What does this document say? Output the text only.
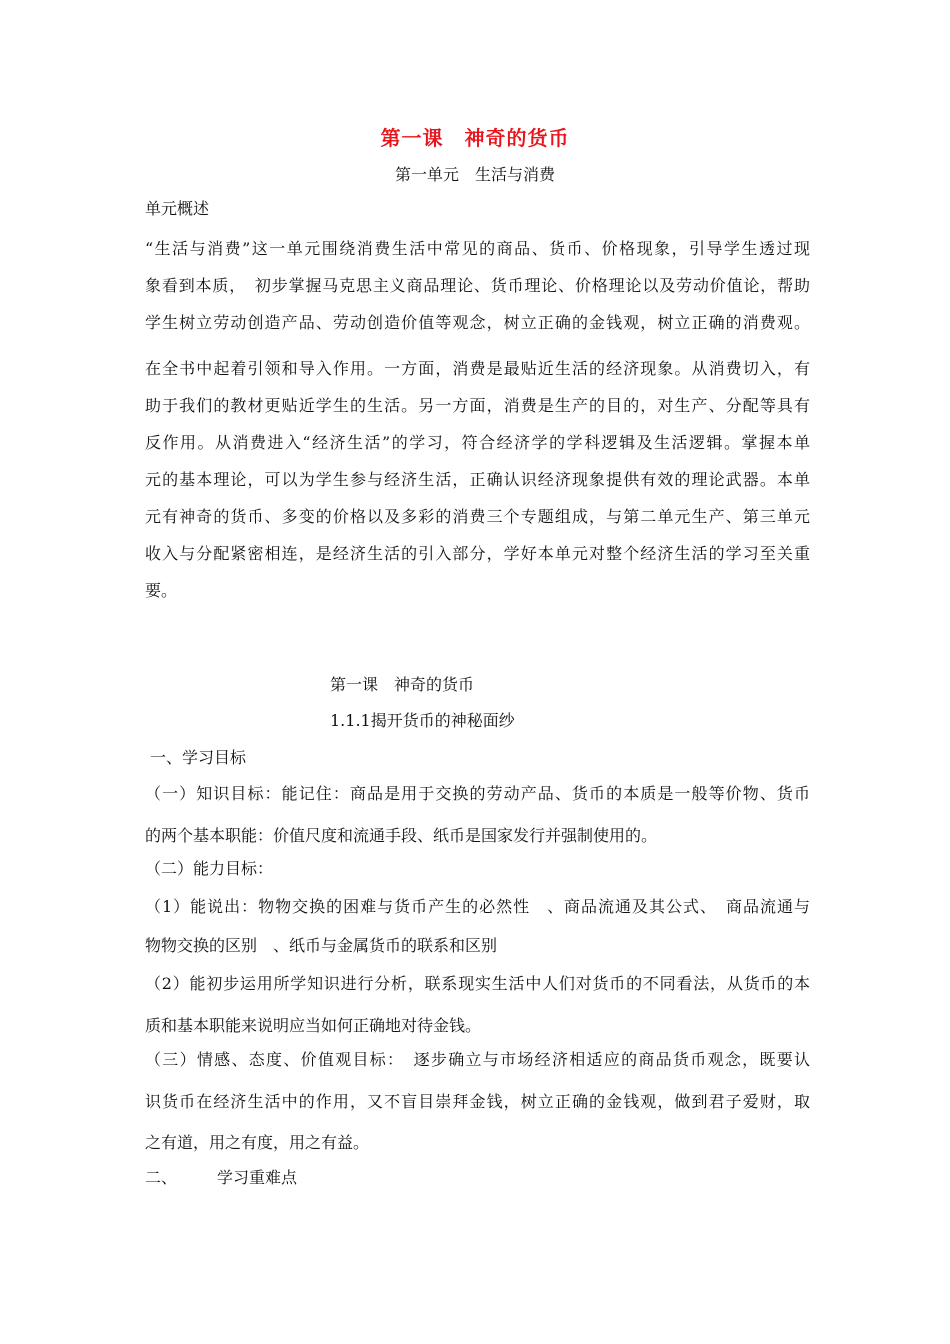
第一课　神奇的货币
第一单元　生活与消费
单元概述
“生活与消费”这一单元围绕消费生活中常见的商品、货币、价格现象，引导学生透过现
象看到本质，　初步掌握马克思主义商品理论、货币理论、价格理论以及劳动价值论，帮助
学生树立劳动创造产品、劳动创造价值等观念，树立正确的金钱观，树立正确的消费观。
在全书中起着引领和导入作用。一方面，消费是最贴近生活的经济现象。从消费切入，有
助于我们的教材更贴近学生的生活。另一方面，消费是生产的目的，对生产、分配等具有
反作用。从消费进入“经济生活”的学习，符合经济学的学科逻辑及生活逻辑。掌握本单
元的基本理论，可以为学生参与经济生活，正确认识经济现象提供有效的理论武器。本单
元有神奇的货币、多变的价格以及多彩的消费三个专题组成，与第二单元生产、第三单元
收入与分配紧密相连，是经济生活的引入部分，学好本单元对整个经济生活的学习至关重
要。
第一课　神奇的货币
1.1.1揭开货币的神秘面纱
一、学习目标
（一）知识目标：能记住：商品是用于交换的劳动产品、货币的本质是一般等价物、货币
的两个基本职能：价值尺度和流通手段、纸币是国家发行并强制使用的。
（二）能力目标：
（1）能说出：物物交换的困难与货币产生的必然性　、商品流通及其公式、　商品流通与
物物交换的区别　、纸币与金属货币的联系和区别
（2）能初步运用所学知识进行分析，联系现实生活中人们对货币的不同看法，从货币的本
质和基本职能来说明应当如何正确地对待金钱。
（三）情感、态度、价值观目标：　逐步确立与市场经济相适应的商品货币观念，既要认
识货币在经济生活中的作用，又不盲目崇拜金钱，树立正确的金钱观，做到君子爱财，取
之有道，用之有度，用之有益。
二、　　　学习重难点
